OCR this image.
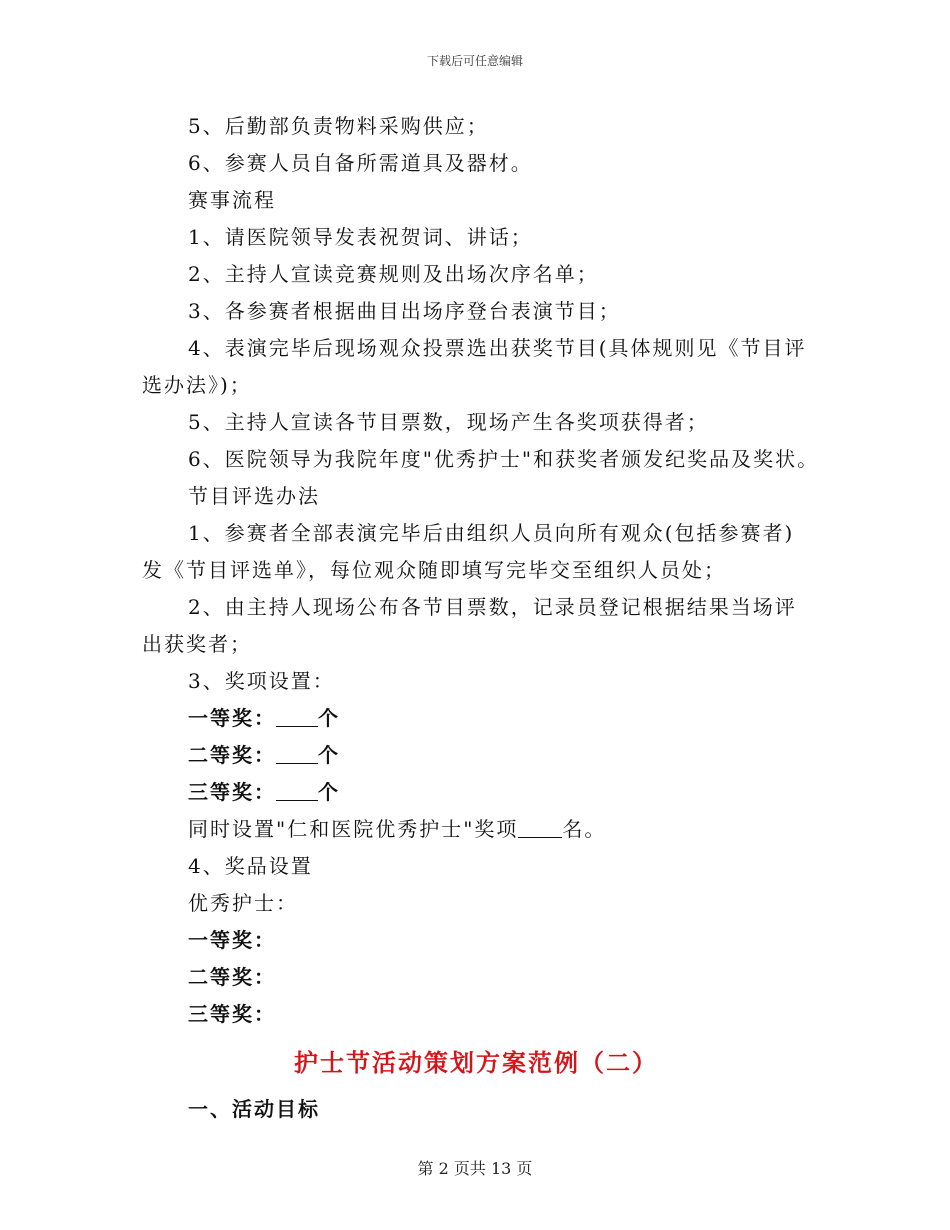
下载后可任意编辑
5、后勤部负责物料采购供应；
6、参赛人员自备所需道具及器材。
赛事流程
1、请医院领导发表祝贺词、讲话；
2、主持人宣读竞赛规则及出场次序名单；
3、各参赛者根据曲目出场序登台表演节目；
4、表演完毕后现场观众投票选出获奖节目(具体规则见《节目评选办法》)；
5、主持人宣读各节目票数，现场产生各奖项获得者；
6、医院领导为我院年度"优秀护士"和获奖者颁发纪奖品及奖状。
节目评选办法
1、参赛者全部表演完毕后由组织人员向所有观众(包括参赛者)发《节目评选单》，每位观众随即填写完毕交至组织人员处；
2、由主持人现场公布各节目票数，记录员登记根据结果当场评出获奖者；
3、奖项设置：
一等奖： 个
二等奖： 个
三等奖： 个
同时设置"仁和医院优秀护士"奖项 名。
4、奖品设置
优秀护士：
一等奖：
二等奖：
三等奖：
护士节活动策划方案范例（二）
一、活动目标
第 2 页共 13 页
